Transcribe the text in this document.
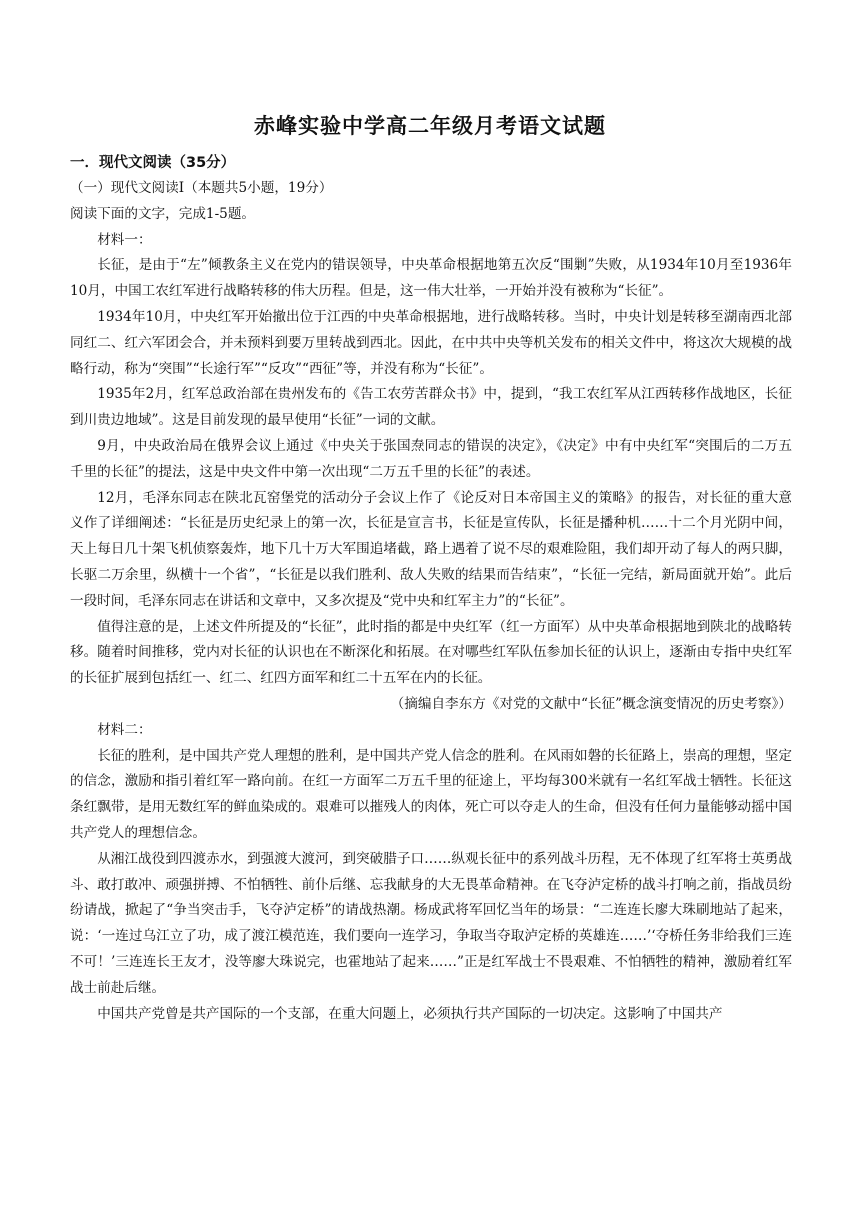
赤峰实验中学高二年级月考语文试题

一．现代文阅读（35分）

（一）现代文阅读Ⅰ（本题共5小题，19分）

阅读下面的文字，完成1-5题。

材料一：

长征，是由于“左”倾教条主义在党内的错误领导，中央革命根据地第五次反“围剿”失败，从1934年10月至1936年10月，中国工农红军进行战略转移的伟大历程。但是，这一伟大壮举，一开始并没有被称为“长征”。

1934年10月，中央红军开始撤出位于江西的中央革命根据地，进行战略转移。当时，中央计划是转移至湖南西北部同红二、红六军团会合，并未预料到要万里转战到西北。因此，在中共中央等机关发布的相关文件中，将这次大规模的战略行动，称为“突围”“长途行军”“反攻”“西征”等，并没有称为“长征”。

1935年2月，红军总政治部在贵州发布的《告工农劳苦群众书》中，提到，“我工农红军从江西转移作战地区，长征到川贵边地域”。这是目前发现的最早使用“长征”一词的文献。

9月，中央政治局在俄界会议上通过《中央关于张国焘同志的错误的决定》，《决定》中有中央红军“突围后的二万五千里的长征”的提法，这是中央文件中第一次出现“二万五千里的长征”的表述。

12月，毛泽东同志在陕北瓦窑堡党的活动分子会议上作了《论反对日本帝国主义的策略》的报告，对长征的重大意义作了详细阐述：“长征是历史纪录上的第一次，长征是宣言书，长征是宣传队，长征是播种机……十二个月光阴中间，天上每日几十架飞机侦察轰炸，地下几十万大军围追堵截，路上遇着了说不尽的艰难险阻，我们却开动了每人的两只脚，长驱二万余里，纵横十一个省”，“长征是以我们胜利、敌人失败的结果而告结束”，“长征一完结，新局面就开始”。此后一段时间，毛泽东同志在讲话和文章中，又多次提及“党中央和红军主力”的“长征”。

值得注意的是，上述文件所提及的“长征”，此时指的都是中央红军（红一方面军）从中央革命根据地到陕北的战略转移。随着时间推移，党内对长征的认识也在不断深化和拓展。在对哪些红军队伍参加长征的认识上，逐渐由专指中央红军的长征扩展到包括红一、红二、红四方面军和红二十五军在内的长征。

（摘编自李东方《对党的文献中“长征”概念演变情况的历史考察》）

材料二：

长征的胜利，是中国共产党人理想的胜利，是中国共产党人信念的胜利。在风雨如磐的长征路上，崇高的理想，坚定的信念，激励和指引着红军一路向前。在红一方面军二万五千里的征途上，平均每300米就有一名红军战士牺牲。长征这条红飘带，是用无数红军的鲜血染成的。艰难可以摧残人的肉体，死亡可以夺走人的生命，但没有任何力量能够动摇中国共产党人的理想信念。

从湘江战役到四渡赤水，到强渡大渡河，到突破腊子口……纵观长征中的系列战斗历程，无不体现了红军将士英勇战斗、敢打敢冲、顽强拼搏、不怕牺牲、前仆后继、忘我献身的大无畏革命精神。在飞夺泸定桥的战斗打响之前，指战员纷纷请战，掀起了“争当突击手，飞夺泸定桥”的请战热潮。杨成武将军回忆当年的场景：“二连连长廖大珠刷地站了起来，说：‘一连过乌江立了功，成了渡江模范连，我们要向一连学习，争取当夺取泸定桥的英雄连……’‘夺桥任务非给我们三连不可！’三连连长王友才，没等廖大珠说完，也霍地站了起来……”正是红军战士不畏艰难、不怕牺牲的精神，激励着红军战士前赴后继。

中国共产党曾是共产国际的一个支部，在重大问题上，必须执行共产国际的一切决定。这影响了中国共产
